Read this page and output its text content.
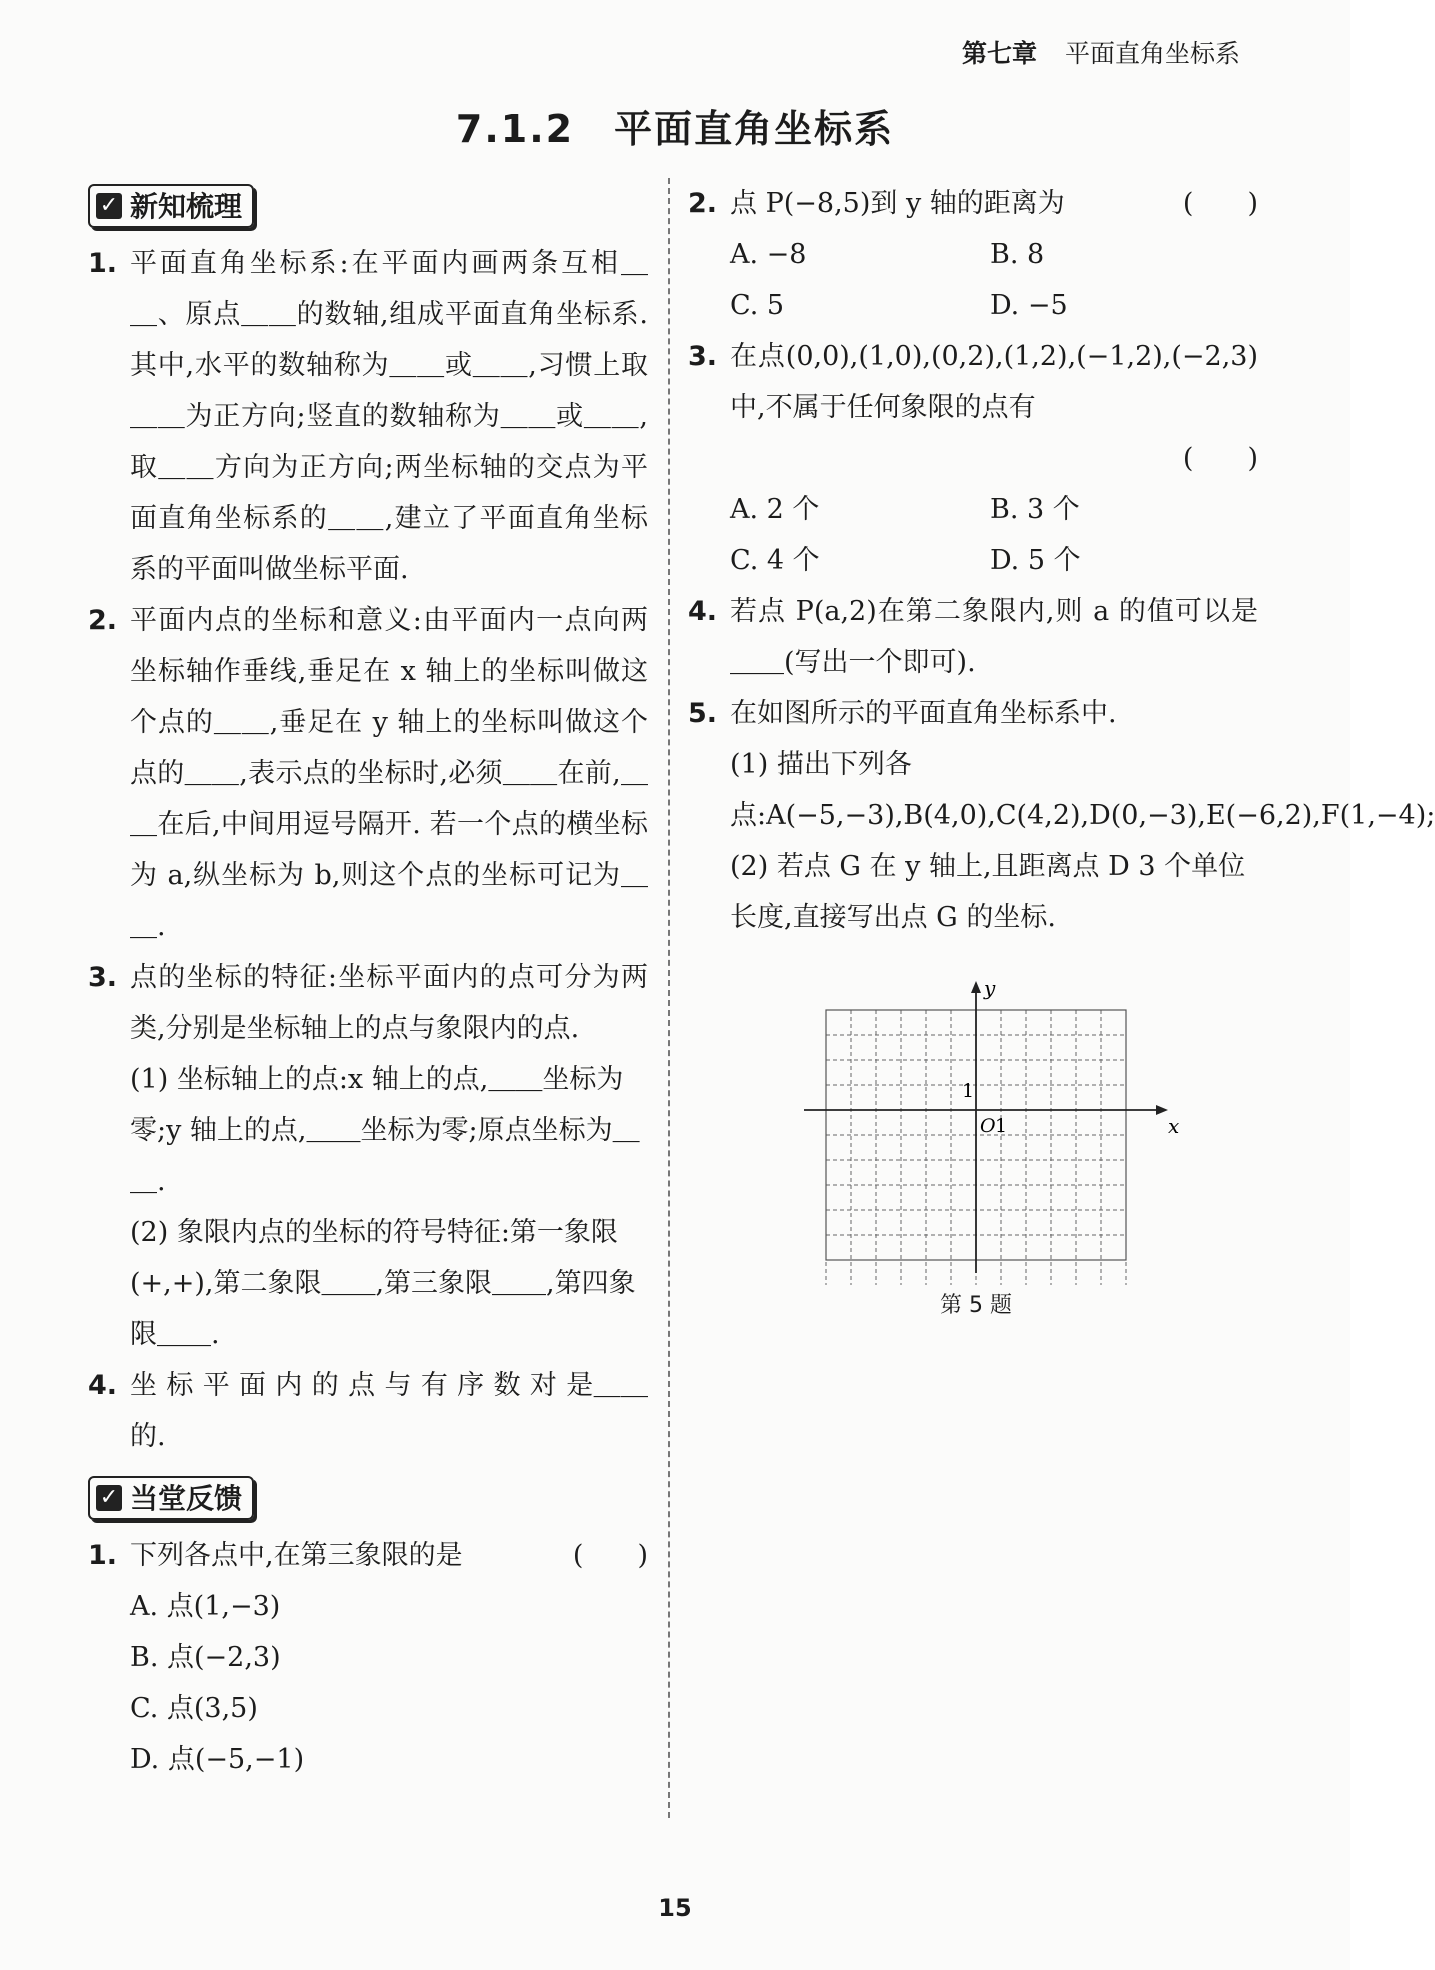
第七章 平面直角坐标系
7.1.2　平面直角坐标系
✓ 新知梳理
1. 平面直角坐标系:在平面内画两条互相＿＿、原点＿＿的数轴,组成平面直角坐标系. 其中,水平的数轴称为＿＿或＿＿,习惯上取＿＿为正方向;竖直的数轴称为＿＿或＿＿,取＿＿方向为正方向;两坐标轴的交点为平面直角坐标系的＿＿,建立了平面直角坐标系的平面叫做坐标平面.
2. 平面内点的坐标和意义:由平面内一点向两坐标轴作垂线,垂足在 x 轴上的坐标叫做这个点的＿＿,垂足在 y 轴上的坐标叫做这个点的＿＿,表示点的坐标时,必须＿＿在前,＿＿在后,中间用逗号隔开. 若一个点的横坐标为 a,纵坐标为 b,则这个点的坐标可记为＿＿.
3. 点的坐标的特征:坐标平面内的点可分为两类,分别是坐标轴上的点与象限内的点.
(1) 坐标轴上的点:x 轴上的点,＿＿坐标为零;y 轴上的点,＿＿坐标为零;原点坐标为＿＿.
(2) 象限内点的坐标的符号特征:第一象限(+,+),第二象限＿＿,第三象限＿＿,第四象限＿＿.
4. 坐 标 平 面 内 的 点 与 有 序 数 对 是＿＿的.
✓ 当堂反馈
1. 下列各点中,在第三象限的是	(　　)
A. 点(1,−3)
B. 点(−2,3)
C. 点(3,5)
D. 点(−5,−1)
2. 点 P(−8,5)到 y 轴的距离为	(　　)
A. −8	B. 8
C. 5	D. −5
3. 在点(0,0),(1,0),(0,2),(1,2),(−1,2),(−2,3)中,不属于任何象限的点有
(　　)
A. 2 个	B. 3 个
C. 4 个	D. 5 个
4. 若点 P(a,2)在第二象限内,则 a 的值可以是＿＿(写出一个即可).
5. 在如图所示的平面直角坐标系中.
(1) 描出下列各点:A(−5,−3),B(4,0),C(4,2),D(0,−3),E(−6,2),F(1,−4);
(2) 若点 G 在 y 轴上,且距离点 D 3 个单位长度,直接写出点 G 的坐标.
x
y
O 1
1
第 5 题
15
